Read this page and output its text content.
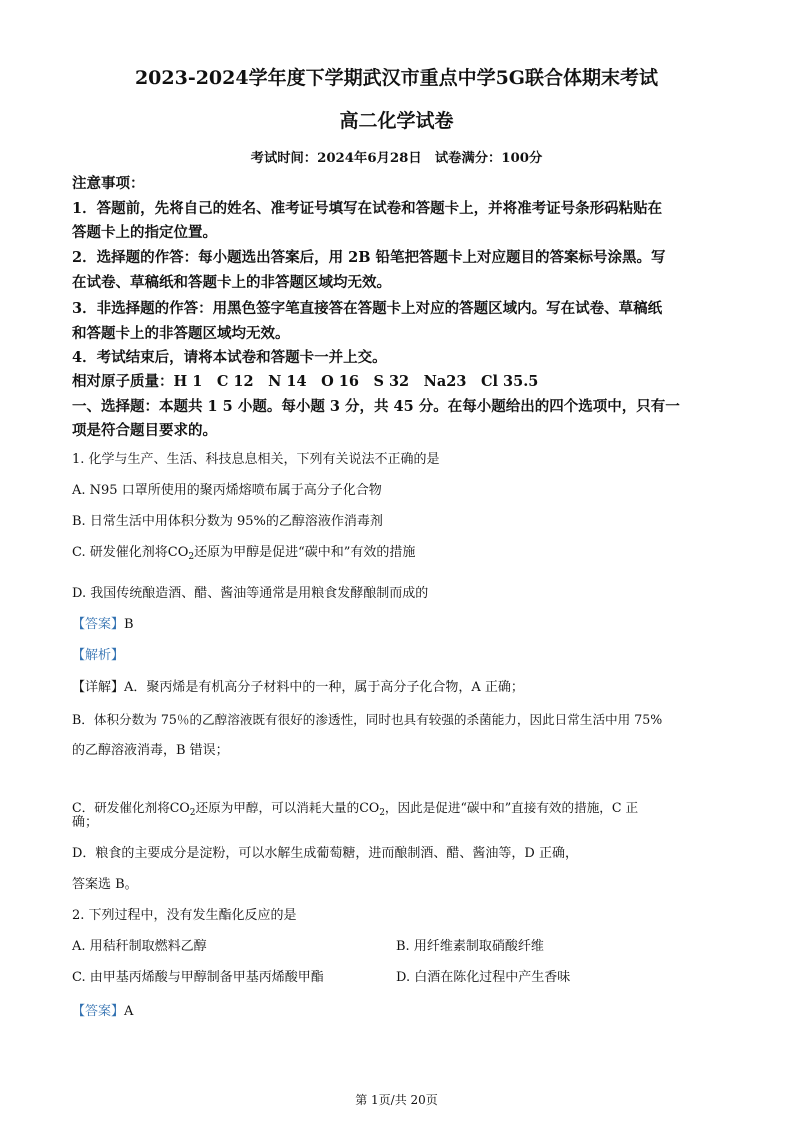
2023-2024学年度下学期武汉市重点中学5G联合体期末考试
高二化学试卷
考试时间：2024年6月28日　试卷满分：100分
注意事项：
1．答题前，先将自己的姓名、准考证号填写在试卷和答题卡上，并将准考证号条形码粘贴在
答题卡上的指定位置。
2．选择题的作答：每小题选出答案后，用 2B 铅笔把答题卡上对应题目的答案标号涂黑。写
在试卷、草稿纸和答题卡上的非答题区域均无效。
3．非选择题的作答：用黑色签字笔直接答在答题卡上对应的答题区域内。写在试卷、草稿纸
和答题卡上的非答题区域均无效。
4．考试结束后，请将本试卷和答题卡一并上交。
相对原子质量：H 1　C 12　N 14　O 16　S 32　Na23　Cl 35.5
一、选择题：本题共 1 5 小题。每小题 3 分，共 45 分。在每小题给出的四个选项中，只有一
项是符合题目要求的。
1. 化学与生产、生活、科技息息相关，下列有关说法不正确的是
A. N95 口罩所使用的聚丙烯熔喷布属于高分子化合物
B. 日常生活中用体积分数为 95%的乙醇溶液作消毒剂
C. 研发催化剂将$CO_2$还原为甲醇是促进“碳中和”有效的措施
D. 我国传统酿造酒、醋、酱油等通常是用粮食发酵酿制而成的
【答案】B
【解析】
【详解】A．聚丙烯是有机高分子材料中的一种，属于高分子化合物，A 正确；
B．体积分数为 75％的乙醇溶液既有很好的渗透性，同时也具有较强的杀菌能力，因此日常生活中用 75%
的乙醇溶液消毒，B 错误；
C．研发催化剂将$CO_2$还原为甲醇，可以消耗大量的$CO_2$，因此是促进“碳中和”直接有效的措施，C 正
确；
D．粮食的主要成分是淀粉，可以水解生成葡萄糖，进而酿制酒、醋、酱油等，D 正确，
答案选 B。
2. 下列过程中，没有发生酯化反应的是
A. 用秸秆制取燃料乙醇	B. 用纤维素制取硝酸纤维
C. 由甲基丙烯酸与甲醇制备甲基丙烯酸甲酯	D. 白酒在陈化过程中产生香味
【答案】A
第 1页/共 20页
